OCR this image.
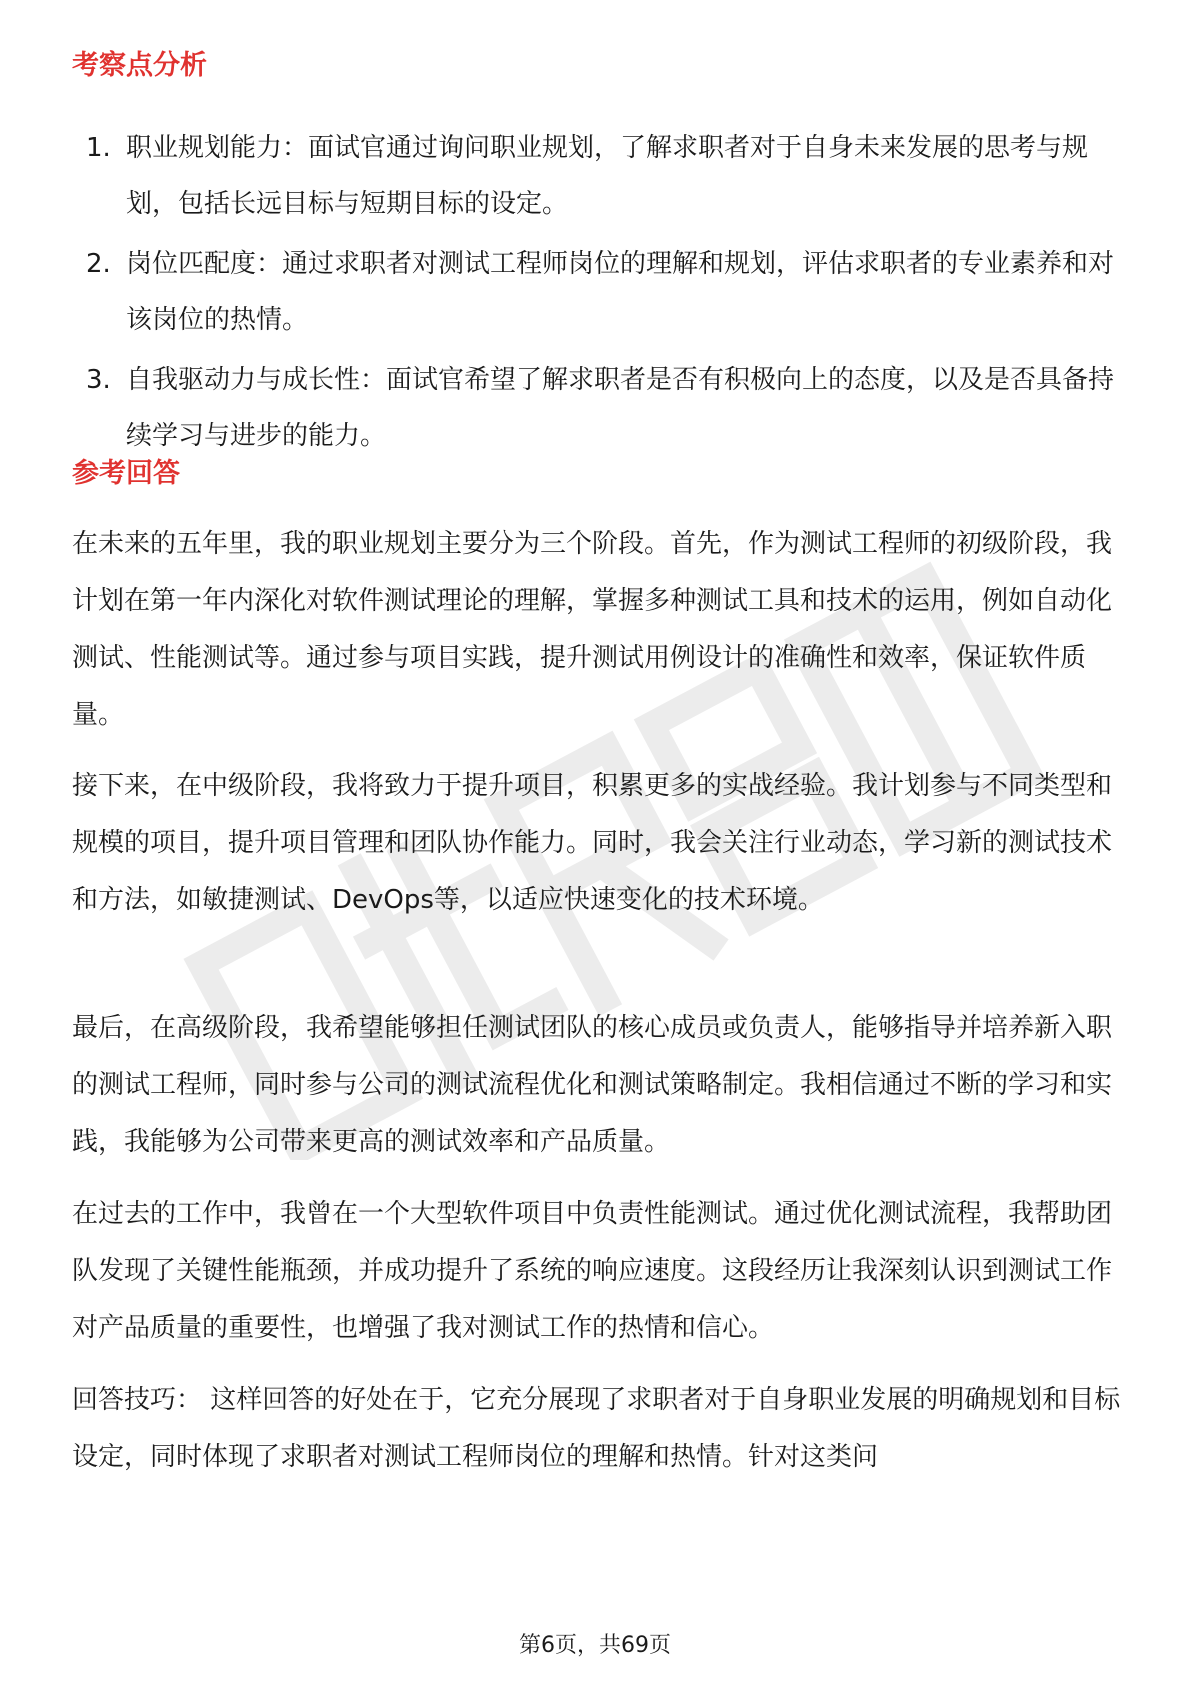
考察点分析
1. 职业规划能力：面试官通过询问职业规划，了解求职者对于自身未来发展的思考与规划，包括长远目标与短期目标的设定。
2. 岗位匹配度：通过求职者对测试工程师岗位的理解和规划，评估求职者的专业素养和对该岗位的热情。
3. 自我驱动力与成长性：面试官希望了解求职者是否有积极向上的态度，以及是否具备持续学习与进步的能力。
参考回答

在未来的五年里，我的职业规划主要分为三个阶段。首先，作为测试工程师的初级阶段，我计划在第一年内深化对软件测试理论的理解，掌握多种测试工具和技术的运用，例如自动化测试、性能测试等。通过参与项目实践，提升测试用例设计的准确性和效率，保证软件质量。

接下来，在中级阶段，我将致力于提升项目，积累更多的实战经验。我计划参与不同类型和规模的项目，提升项目管理和团队协作能力。同时，我会关注行业动态，学习新的测试技术和方法，如敏捷测试、DevOps等，以适应快速变化的技术环境。

最后，在高级阶段，我希望能够担任测试团队的核心成员或负责人，能够指导并培养新入职的测试工程师，同时参与公司的测试流程优化和测试策略制定。我相信通过不断的学习和实践，我能够为公司带来更高的测试效率和产品质量。

在过去的工作中，我曾在一个大型软件项目中负责性能测试。通过优化测试流程，我帮助团队发现了关键性能瓶颈，并成功提升了系统的响应速度。这段经历让我深刻认识到测试工作对产品质量的重要性，也增强了我对测试工作的热情和信心。

回答技巧： 这样回答的好处在于，它充分展现了求职者对于自身职业发展的明确规划和目标设定，同时体现了求职者对测试工程师岗位的理解和热情。针对这类问

第6页，共69页
